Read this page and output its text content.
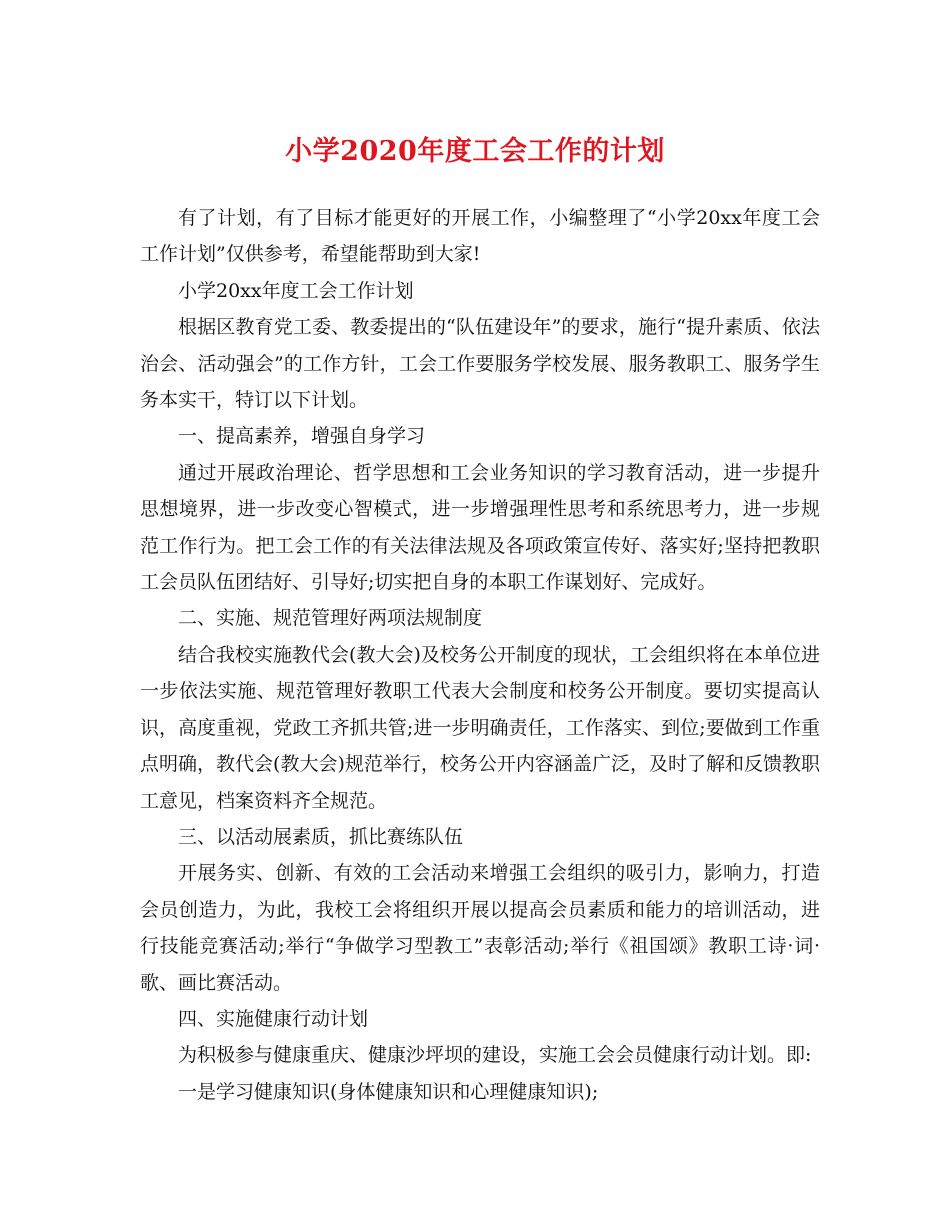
小学2020年度工会工作的计划

有了计划，有了目标才能更好的开展工作，小编整理了“小学20xx年度工会工作计划”仅供参考，希望能帮助到大家!

小学20xx年度工会工作计划

根据区教育党工委、教委提出的“队伍建设年”的要求，施行“提升素质、依法治会、活动强会”的工作方针，工会工作要服务学校发展、服务教职工、服务学生务本实干，特订以下计划。

一、提高素养，增强自身学习

通过开展政治理论、哲学思想和工会业务知识的学习教育活动，进一步提升思想境界，进一步改变心智模式，进一步增强理性思考和系统思考力，进一步规范工作行为。把工会工作的有关法律法规及各项政策宣传好、落实好;坚持把教职工会员队伍团结好、引导好;切实把自身的本职工作谋划好、完成好。

二、实施、规范管理好两项法规制度

结合我校实施教代会(教大会)及校务公开制度的现状，工会组织将在本单位进一步依法实施、规范管理好教职工代表大会制度和校务公开制度。要切实提高认识，高度重视，党政工齐抓共管;进一步明确责任，工作落实、到位;要做到工作重点明确，教代会(教大会)规范举行，校务公开内容涵盖广泛，及时了解和反馈教职工意见，档案资料齐全规范。

三、以活动展素质，抓比赛练队伍

开展务实、创新、有效的工会活动来增强工会组织的吸引力，影响力，打造会员创造力，为此，我校工会将组织开展以提高会员素质和能力的培训活动，进行技能竞赛活动;举行“争做学习型教工”表彰活动;举行《祖国颂》教职工诗·词·歌、画比赛活动。

四、实施健康行动计划

为积极参与健康重庆、健康沙坪坝的建设，实施工会会员健康行动计划。即:

一是学习健康知识(身体健康知识和心理健康知识);
